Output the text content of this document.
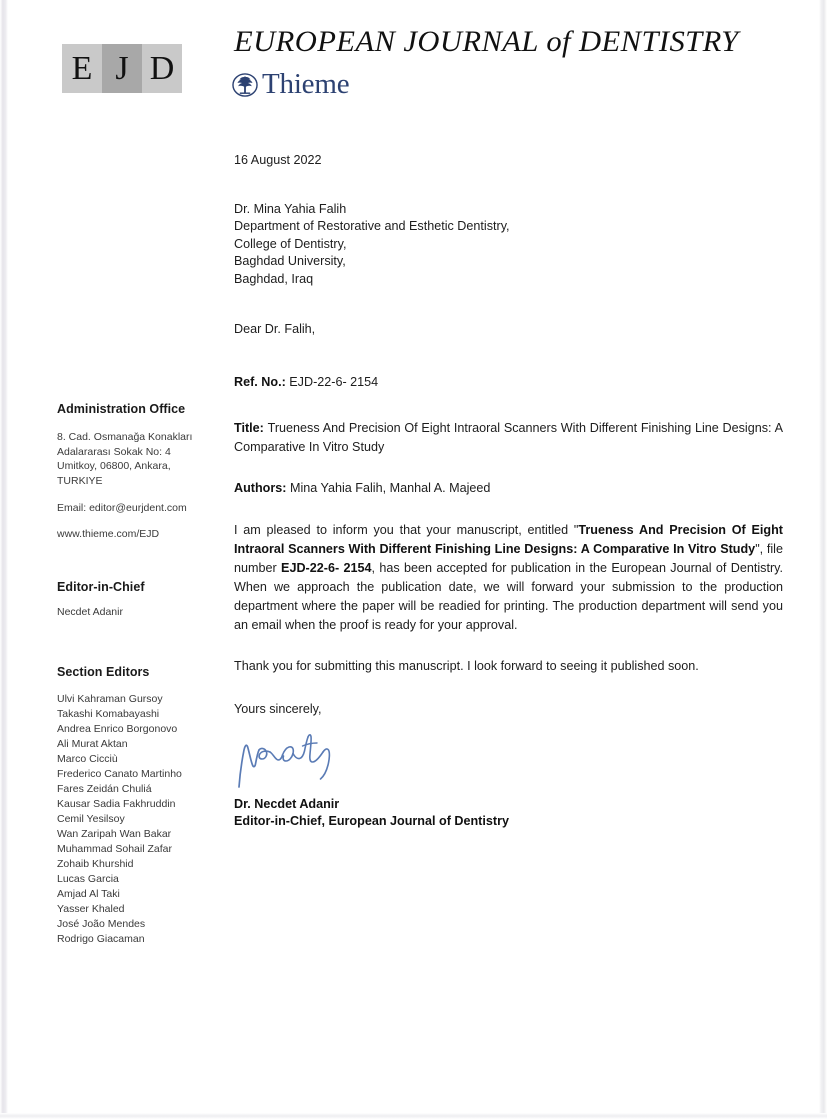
E J D
EUROPEAN JOURNAL of DENTISTRY
Thieme
Administration Office
8. Cad. Osmanağa Konakları
Adalararası Sokak No: 4
Umitkoy, 06800, Ankara,
TURKIYE
Email: editor@eurjdent.com
www.thieme.com/EJD
Editor-in-Chief
Necdet Adanir
Section Editors
Ulvi Kahraman Gursoy
Takashi Komabayashi
Andrea Enrico Borgonovo
Ali Murat Aktan
Marco Cicciù
Frederico Canato Martinho
Fares Zeidán Chuliá
Kausar Sadia Fakhruddin
Cemil Yesilsoy
Wan Zaripah Wan Bakar
Muhammad Sohail Zafar
Zohaib Khurshid
Lucas Garcia
Amjad Al Taki
Yasser Khaled
José João Mendes
Rodrigo Giacaman
16 August 2022
Dr. Mina Yahia Falih
Department of Restorative and Esthetic Dentistry,
College of Dentistry,
Baghdad University,
Baghdad, Iraq
Dear Dr. Falih,
Ref. No.: EJD-22-6- 2154
Title: Trueness And Precision Of Eight Intraoral Scanners With Different Finishing Line Designs: A Comparative In Vitro Study
Authors: Mina Yahia Falih, Manhal A. Majeed
I am pleased to inform you that your manuscript, entitled "Trueness And Precision Of Eight Intraoral Scanners With Different Finishing Line Designs: A Comparative In Vitro Study", file number EJD-22-6- 2154, has been accepted for publication in the European Journal of Dentistry. When we approach the publication date, we will forward your submission to the production department where the paper will be readied for printing. The production department will send you an email when the proof is ready for your approval.
Thank you for submitting this manuscript. I look forward to seeing it published soon.
Yours sincerely,
Dr. Necdet Adanir
Editor-in-Chief, European Journal of Dentistry
